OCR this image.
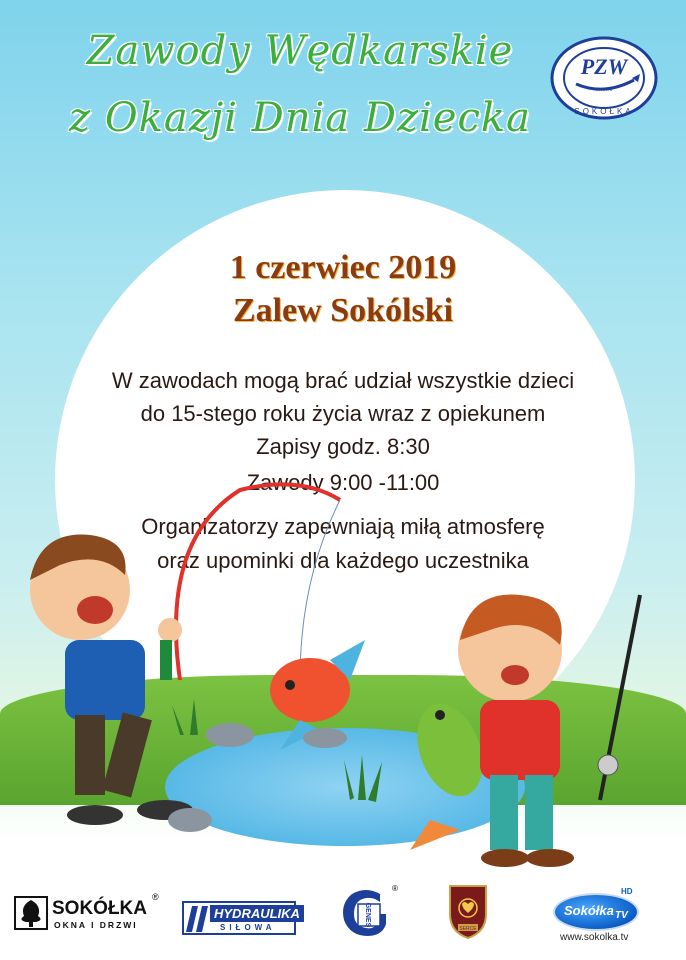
Zawody Wędkarskie
z Okazji Dnia Dziecka
PZW
×××××
SOKÓŁKA
1 czerwiec 2019
Zalew Sokólski
W zawodach mogą brać udział wszystkie dzieci
do 15-stego roku życia wraz z opiekunem
Zapisy godz. 8:30
Zawody 9:00 -11:00
Organizatorzy zapewniają miłą atmosferę
oraz upominki dla każdego uczestnika
SOKÓŁKA
®
OKNA I DRZWI
HYDRAULIKA
SIŁOWA
GENES
®
SERCE
Sokółka TV
HD
www.sokolka.tv
